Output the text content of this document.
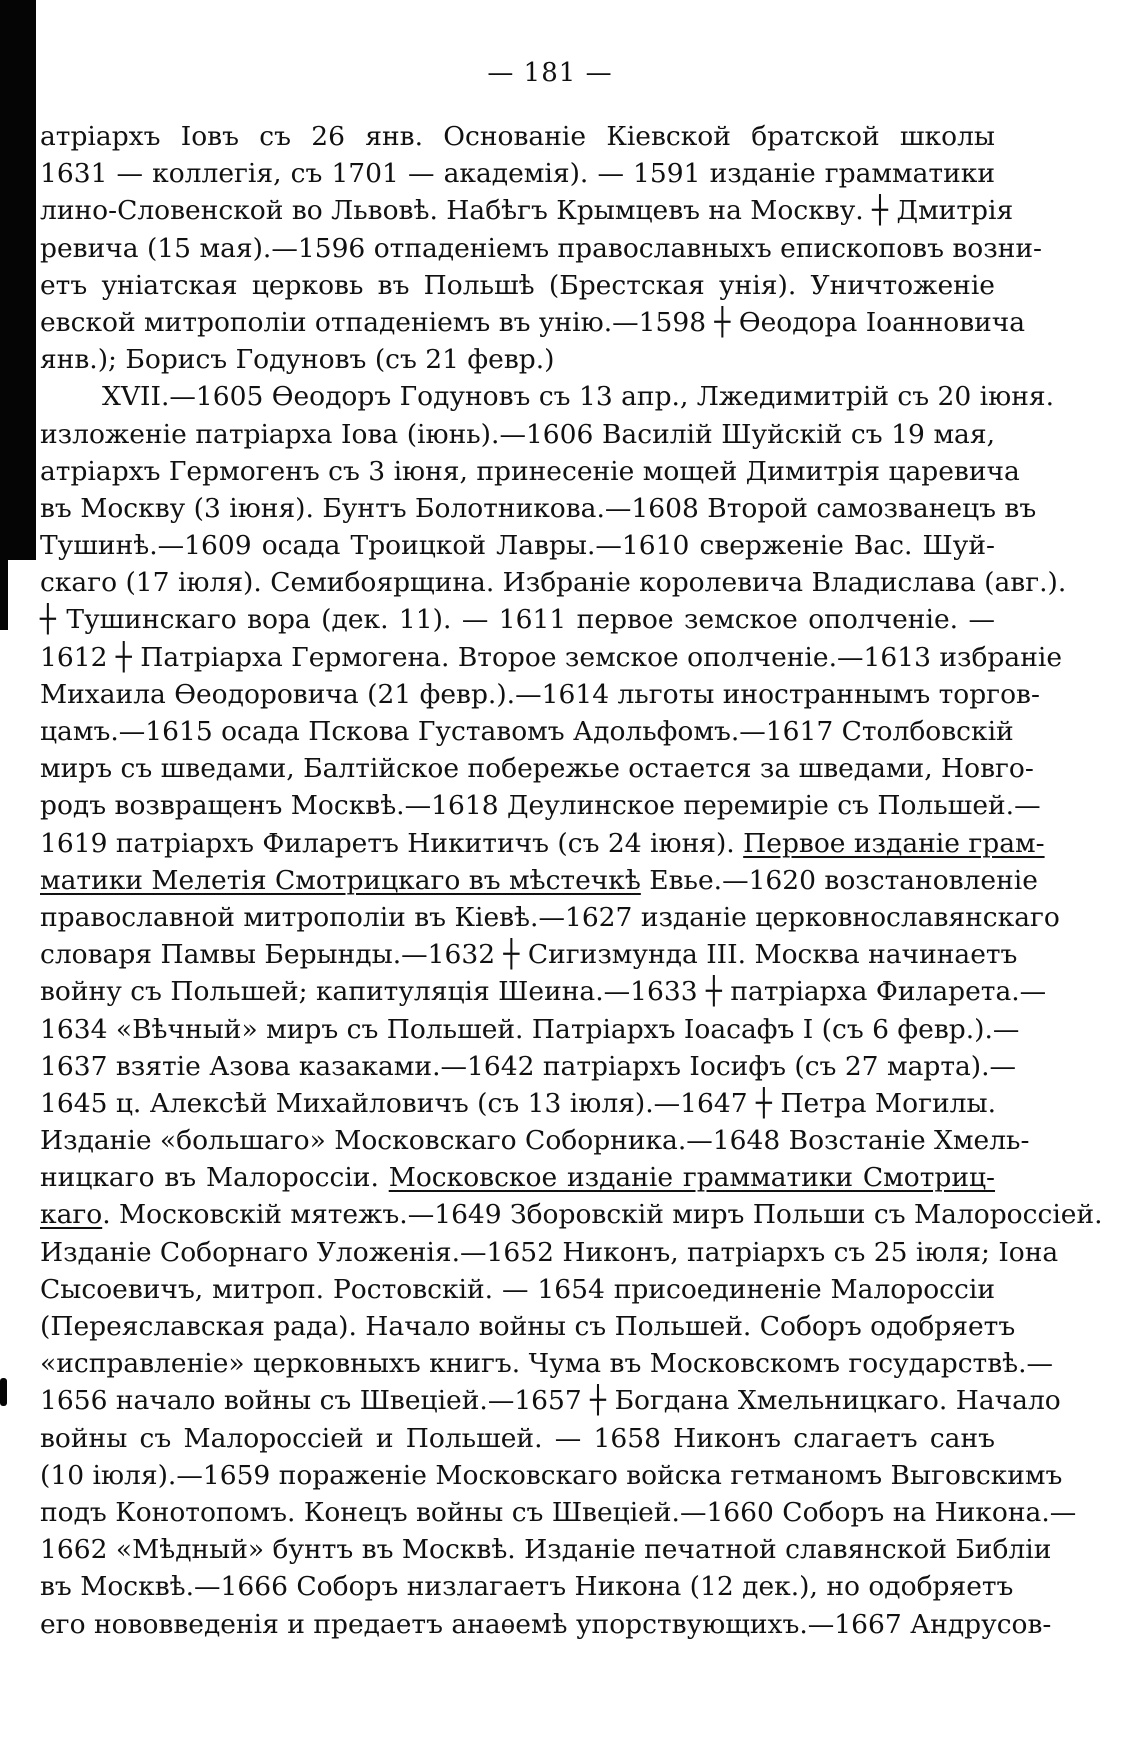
— 181 —
атріархъ Іовъ съ 26 янв. Основаніе Кіевской братской школы
1631 — коллегія, съ 1701 — академія). — 1591 изданіе грамматики
лино-Словенской во Львовѣ. Набѣгъ Крымцевъ на Москву. ┼ Дмитрія
ревича (15 мая).—1596 отпаденіемъ православныхъ епископовъ возни-
етъ уніатская церковь въ Польшѣ (Брестская унія). Уничтоженіе
евской митрополіи отпаденіемъ въ унію.—1598 ┼ Ѳеодора Іоанновича
янв.); Борисъ Годуновъ (съ 21 февр.)
XVII.—1605 Ѳеодоръ Годуновъ съ 13 апр., Лжедимитрій съ 20 іюня.
изложеніе патріарха Іова (іюнь).—1606 Василій Шуйскій съ 19 мая,
атріархъ Гермогенъ съ 3 іюня, принесеніе мощей Димитрія царевича
въ Москву (3 іюня). Бунтъ Болотникова.—1608 Второй самозванецъ въ
Тушинѣ.—1609 осада Троицкой Лавры.—1610 сверженіе Вас. Шуй-
скаго (17 іюля). Семибоярщина. Избраніе королевича Владислава (авг.).
┼ Тушинскаго вора (дек. 11). — 1611 первое земское ополченіе. —
1612 ┼ Патріарха Гермогена. Второе земское ополченіе.—1613 избраніе
Михаила Ѳеодоровича (21 февр.).—1614 льготы иностраннымъ торгов-
цамъ.—1615 осада Пскова Густавомъ Адольфомъ.—1617 Столбовскій
миръ съ шведами, Балтійское побережье остается за шведами, Новго-
родъ возвращенъ Москвѣ.—1618 Деулинское перемиріе съ Польшей.—
1619 патріархъ Филаретъ Никитичъ (съ 24 іюня). Первое изданіе грам-
матики Мелетія Смотрицкаго въ мѣстечкѣ Евье.—1620 возстановленіе
православной митрополіи въ Кіевѣ.—1627 изданіе церковнославянскаго
словаря Памвы Берынды.—1632 ┼ Сигизмунда III. Москва начинаетъ
войну съ Польшей; капитуляція Шеина.—1633 ┼ патріарха Филарета.—
1634 «Вѣчный» миръ съ Польшей. Патріархъ Іоасафъ I (съ 6 февр.).—
1637 взятіе Азова казаками.—1642 патріархъ Іосифъ (съ 27 марта).—
1645 ц. Алексѣй Михайловичъ (съ 13 іюля).—1647 ┼ Петра Могилы.
Изданіе «большаго» Московскаго Соборника.—1648 Возстаніе Хмель-
ницкаго въ Малороссіи. Московское изданіе грамматики Смотриц-
каго. Московскій мятежъ.—1649 Зборовскій миръ Польши съ Малороссіей.
Изданіе Соборнаго Уложенія.—1652 Никонъ, патріархъ съ 25 іюля; Іона
Сысоевичъ, митроп. Ростовскій. — 1654 присоединеніе Малороссіи
(Переяславская рада). Начало войны съ Польшей. Соборъ одобряетъ
«исправленіе» церковныхъ книгъ. Чума въ Московскомъ государствѣ.—
1656 начало войны съ Швеціей.—1657 ┼ Богдана Хмельницкаго. Начало
войны съ Малороссіей и Польшей. — 1658 Никонъ слагаетъ санъ
(10 іюля).—1659 пораженіе Московскаго войска гетманомъ Выговскимъ
подъ Конотопомъ. Конецъ войны съ Швеціей.—1660 Соборъ на Никона.—
1662 «Мѣдный» бунтъ въ Москвѣ. Изданіе печатной славянской Библіи
въ Москвѣ.—1666 Соборъ низлагаетъ Никона (12 дек.), но одобряетъ
его нововведенія и предаетъ анаѳемѣ упорствующихъ.—1667 Андрусов-
